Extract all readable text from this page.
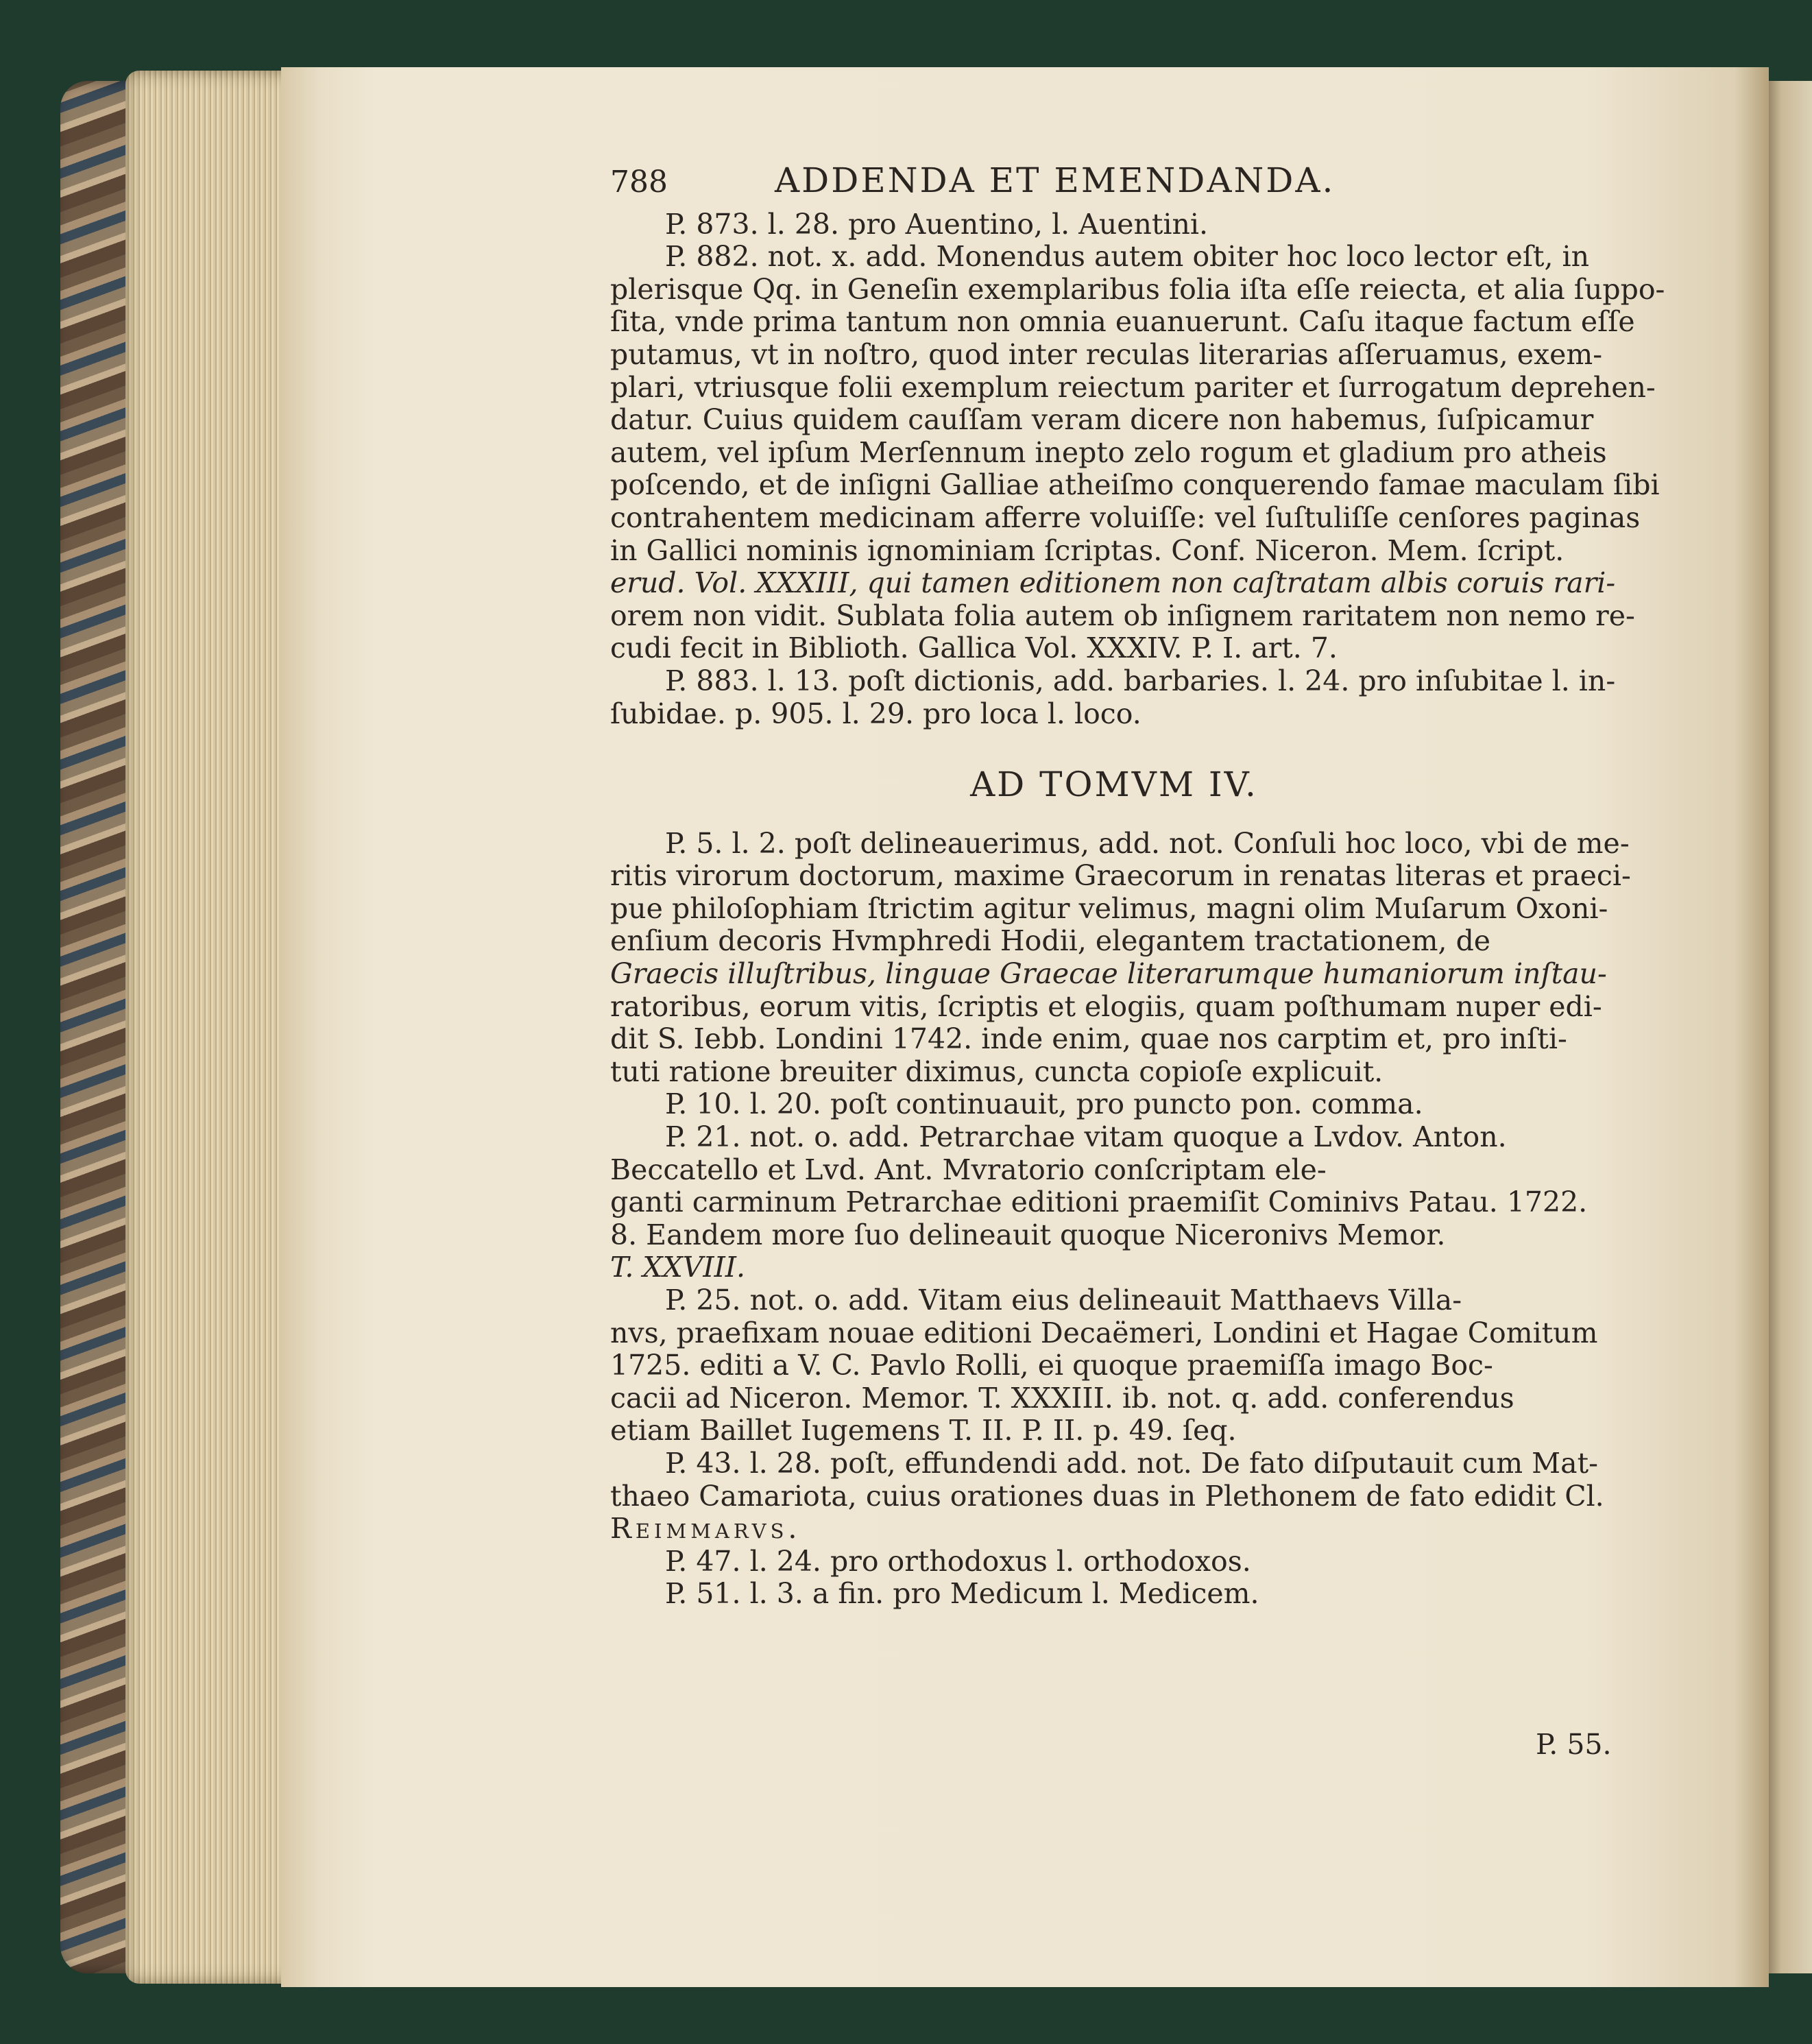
788	ADDENDA ET EMENDANDA.
P. 873. l. 28. pro Auentino, l. Auentini.
P. 882. not. x. add. Monendus autem obiter hoc loco lector eſt, in
plerisque Qq. in Geneſin exemplaribus folia iſta eſſe reiecta, et alia ſuppo-
ſita, vnde prima tantum non omnia euanuerunt. Caſu itaque factum eſſe
putamus, vt in noſtro, quod inter reculas literarias aſſeruamus, exem-
plari, vtriusque folii exemplum reiectum pariter et ſurrogatum deprehen-
datur. Cuius quidem cauſſam veram dicere non habemus, ſuſpicamur
autem, vel ipſum Merſennum inepto zelo rogum et gladium pro atheis
poſcendo, et de inſigni Galliae atheiſmo conquerendo famae maculam ſibi
contrahentem medicinam afferre voluiſſe: vel ſuſtuliſſe cenſores paginas
in Gallici nominis ignominiam ſcriptas. Conf. Niceron. Mem. ſcript.
erud. Vol. XXXIII, qui tamen editionem non caſtratam albis coruis rari-
orem non vidit. Sublata folia autem ob inſignem raritatem non nemo re-
cudi fecit in Biblioth. Gallica Vol. XXXIV. P. I. art. 7.
P. 883. l. 13. poſt dictionis, add. barbaries. l. 24. pro inſubitae l. in-
ſubidae. p. 905. l. 29. pro loca l. loco.
AD TOMVM IV.
P. 5. l. 2. poſt delineauerimus, add. not. Conſuli hoc loco, vbi de me-
ritis virorum doctorum, maxime Graecorum in renatas literas et praeci-
pue philoſophiam ſtrictim agitur velimus, magni olim Muſarum Oxoni-
enſium decoris Hvmphredi Hodii, elegantem tractationem, de
Graecis illuſtribus, linguae Graecae literarumque humaniorum inſtau-
ratoribus, eorum vitis, ſcriptis et elogiis, quam poſthumam nuper edi-
dit S. Iebb. Londini 1742. inde enim, quae nos carptim et, pro inſti-
tuti ratione breuiter diximus, cuncta copioſe explicuit.
P. 10. l. 20. poſt continuauit, pro puncto pon. comma.
P. 21. not. o. add. Petrarchae vitam quoque a Lvdov. Anton.
Beccatello et Lvd. Ant. Mvratorio conſcriptam ele-
ganti carminum Petrarchae editioni praemiſit Cominivs Patau. 1722.
8. Eandem more ſuo delineauit quoque Niceronivs Memor.
T. XXVIII.
P. 25. not. o. add. Vitam eius delineauit Matthaevs Villa-
nvs, praefixam nouae editioni Decaëmeri, Londini et Hagae Comitum
1725. editi a V. C. Pavlo Rolli, ei quoque praemiſſa imago Boc-
cacii ad Niceron. Memor. T. XXXIII. ib. not. q. add. conferendus
etiam Baillet Iugemens T. II. P. II. p. 49. ſeq.
P. 43. l. 28. poſt, effundendi add. not. De fato diſputauit cum Mat-
thaeo Camariota, cuius orationes duas in Plethonem de fato edidit Cl.
Reimmarvs.
P. 47. l. 24. pro orthodoxus l. orthodoxos.
P. 51. l. 3. a fin. pro Medicum l. Medicem.
P. 55.
